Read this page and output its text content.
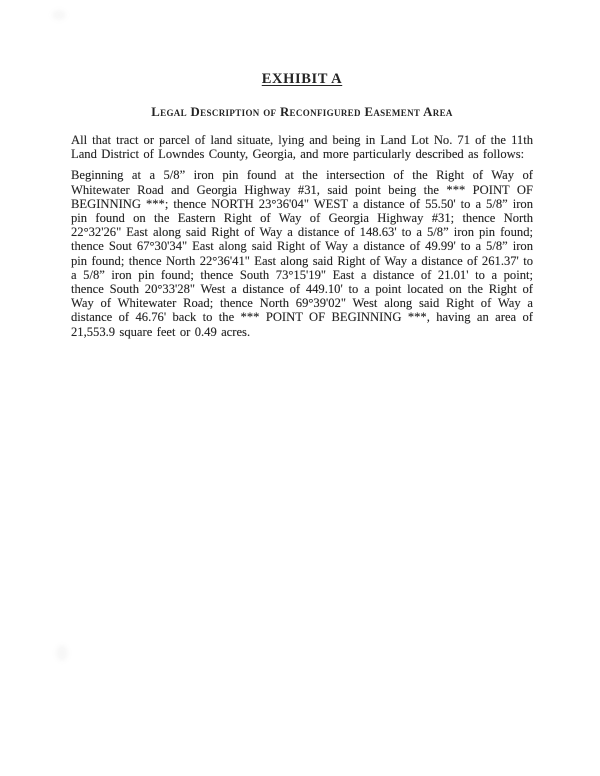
EXHIBIT A
Legal Description of Reconfigured Easement Area

All that tract or parcel of land situate, lying and being in Land Lot No. 71 of the 11th Land District of Lowndes County, Georgia, and more particularly described as follows:

Beginning at a 5/8” iron pin found at the intersection of the Right of Way of Whitewater Road and Georgia Highway #31, said point being the *** POINT OF BEGINNING ***; thence NORTH 23°36'04" WEST a distance of 55.50' to a 5/8” iron pin found on the Eastern Right of Way of Georgia Highway #31; thence North 22°32'26" East along said Right of Way a distance of 148.63' to a 5/8” iron pin found; thence Sout 67°30'34" East along said Right of Way a distance of 49.99' to a 5/8” iron pin found; thence North 22°36'41" East along said Right of Way a distance of 261.37' to a 5/8” iron pin found; thence South 73°15'19" East a distance of 21.01' to a point; thence South 20°33'28" West a distance of 449.10' to a point located on the Right of Way of Whitewater Road; thence North 69°39'02" West along said Right of Way a distance of 46.76' back to the *** POINT OF BEGINNING ***, having an area of 21,553.9 square feet or 0.49 acres.
